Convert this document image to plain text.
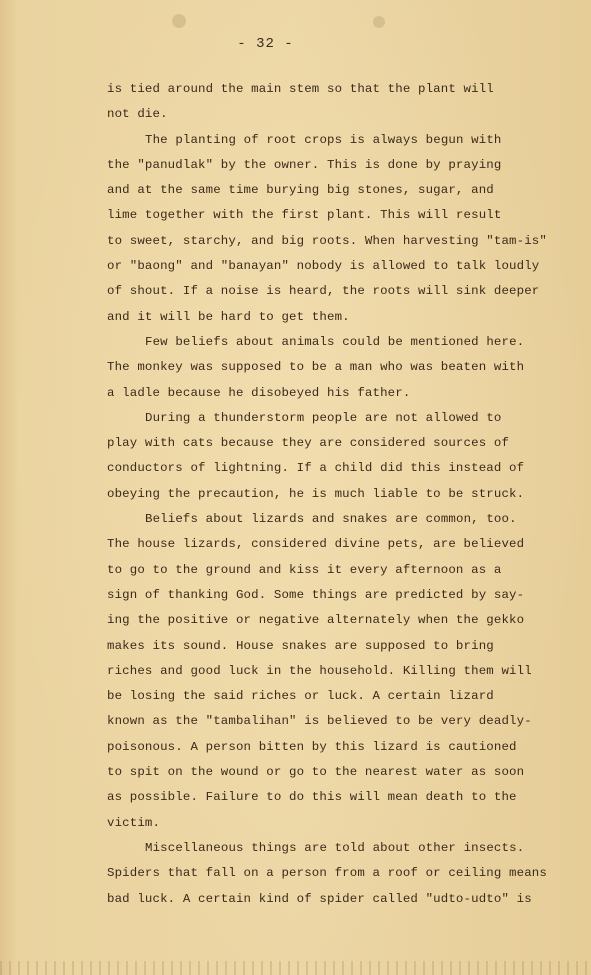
- 32 -
is tied around the main stem so that the plant will
not die.
The planting of root crops is always begun with
the "panudlak" by the owner. This is done by praying
and at the same time burying big stones, sugar, and
lime together with the first plant. This will result
to sweet, starchy, and big roots. When harvesting "tam-is"
or "baong" and "banayan" nobody is allowed to talk loudly
of shout. If a noise is heard, the roots will sink deeper
and it will be hard to get them.
Few beliefs about animals could be mentioned here.
The monkey was supposed to be a man who was beaten with
a ladle because he disobeyed his father.
During a thunderstorm people are not allowed to
play with cats because they are considered sources of
conductors of lightning. If a child did this instead of
obeying the precaution, he is much liable to be struck.
Beliefs about lizards and snakes are common, too.
The house lizards, considered divine pets, are believed
to go to the ground and kiss it every afternoon as a
sign of thanking God. Some things are predicted by say-
ing the positive or negative alternately when the gekko
makes its sound. House snakes are supposed to bring
riches and good luck in the household. Killing them will
be losing the said riches or luck. A certain lizard
known as the "tambalihan" is believed to be very deadly-
poisonous. A person bitten by this lizard is cautioned
to spit on the wound or go to the nearest water as soon
as possible. Failure to do this will mean death to the
victim.
Miscellaneous things are told about other insects.
Spiders that fall on a person from a roof or ceiling means
bad luck. A certain kind of spider called "udto-udto" is
